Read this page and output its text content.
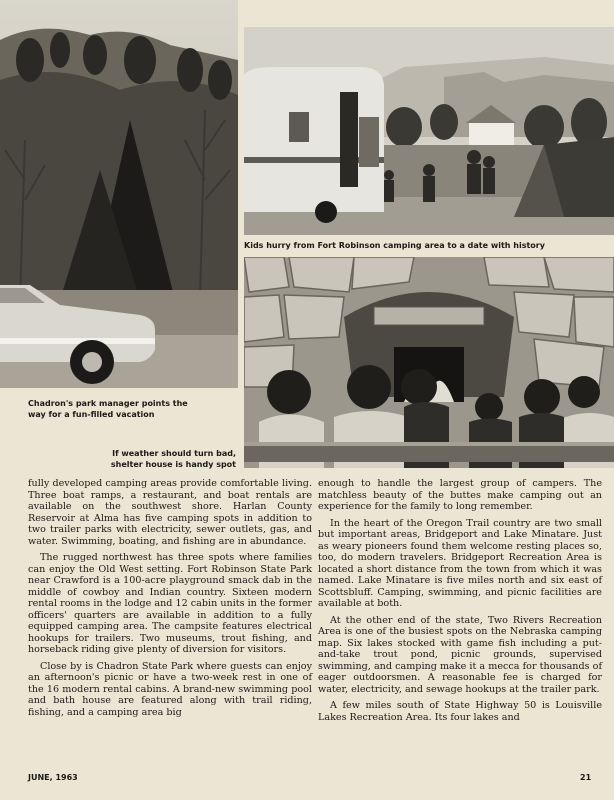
Kids hurry from Fort Robinson camping area to a date with history
Chadron's park manager points the way for a fun-filled vacation
If weather should turn bad, shelter house is handy spot

fully developed camping areas provide comfortable living. Three boat ramps, a restaurant, and boat rentals are available on the southwest shore. Harlan County Reservoir at Alma has five camping spots in addition to two trailer parks with electricity, sewer outlets, gas, and water. Swimming, boating, and fishing are in abundance.

The rugged northwest has three spots where families can enjoy the Old West setting. Fort Robinson State Park near Crawford is a 100-acre playground smack dab in the middle of cowboy and Indian country. Sixteen modern rental rooms in the lodge and 12 cabin units in the former officers' quarters are available in addition to a fully equipped camping area. The campsite features electrical hookups for trailers. Two museums, trout fishing, and horseback riding give plenty of diversion for visitors.

Close by is Chadron State Park where guests can enjoy an afternoon's picnic or have a two-week rest in one of the 16 modern rental cabins. A brand-new swimming pool and bath house are featured along with trail riding, fishing, and a camping area big

enough to handle the largest group of campers. The matchless beauty of the buttes make camping out an experience for the family to long remember.

In the heart of the Oregon Trail country are two small but important areas, Bridgeport and Lake Minatare. Just as weary pioneers found them welcome resting places so, too, do modern travelers. Bridgeport Recreation Area is located a short distance from the town from which it was named. Lake Minatare is five miles north and six east of Scottsbluff. Camping, swimming, and picnic facilities are available at both.

At the other end of the state, Two Rivers Recreation Area is one of the busiest spots on the Nebraska camping map. Six lakes stocked with game fish including a put-and-take trout pond, picnic grounds, supervised swimming, and camping make it a mecca for thousands of eager outdoorsmen. A reasonable fee is charged for water, electricity, and sewage hookups at the trailer park.

A few miles south of State Highway 50 is Louisville Lakes Recreation Area. Its four lakes and

JUNE, 1963	21
